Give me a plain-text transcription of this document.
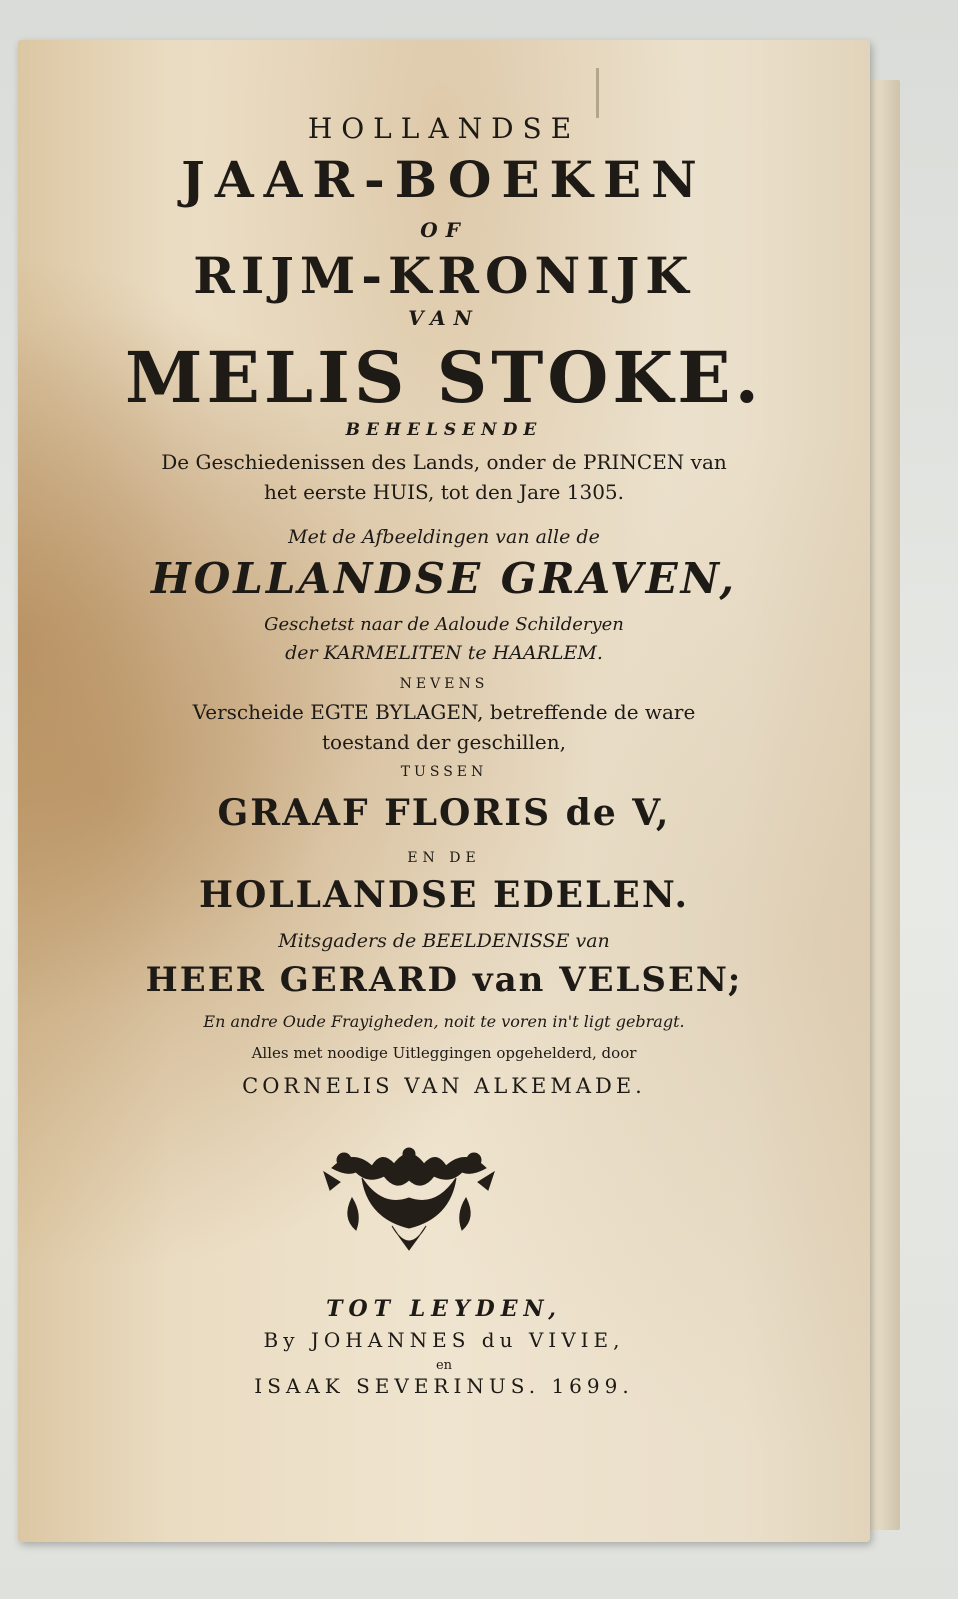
HOLLANDSE
JAAR-BOEKEN
OF
RIJM-KRONIJK
VAN
MELIS STOKE.
BEHELSENDE
De Geschiedenissen des Lands, onder de PRINCEN van
het eerste HUIS, tot den Jare 1305.
Met de Afbeeldingen van alle de
HOLLANDSE GRAVEN,
Geschetst naar de Aaloude Schilderyen
der KARMELITEN te HAARLEM.
NEVENS
Verscheide EGTE BYLAGEN, betreffende de ware
toestand der geschillen,
TUSSEN
GRAAF FLORIS de V,
EN DE
HOLLANDSE EDELEN.
Mitsgaders de BEELDENISSE van
HEER GERARD van VELSEN;
En andre Oude Frayigheden, noit te voren in't ligt gebragt.
Alles met noodige Uitleggingen opgehelderd, door
CORNELIS VAN ALKEMADE.
TOT LEYDEN,
By JOHANNES du VIVIE,
en
ISAAK SEVERINUS. 1699.
